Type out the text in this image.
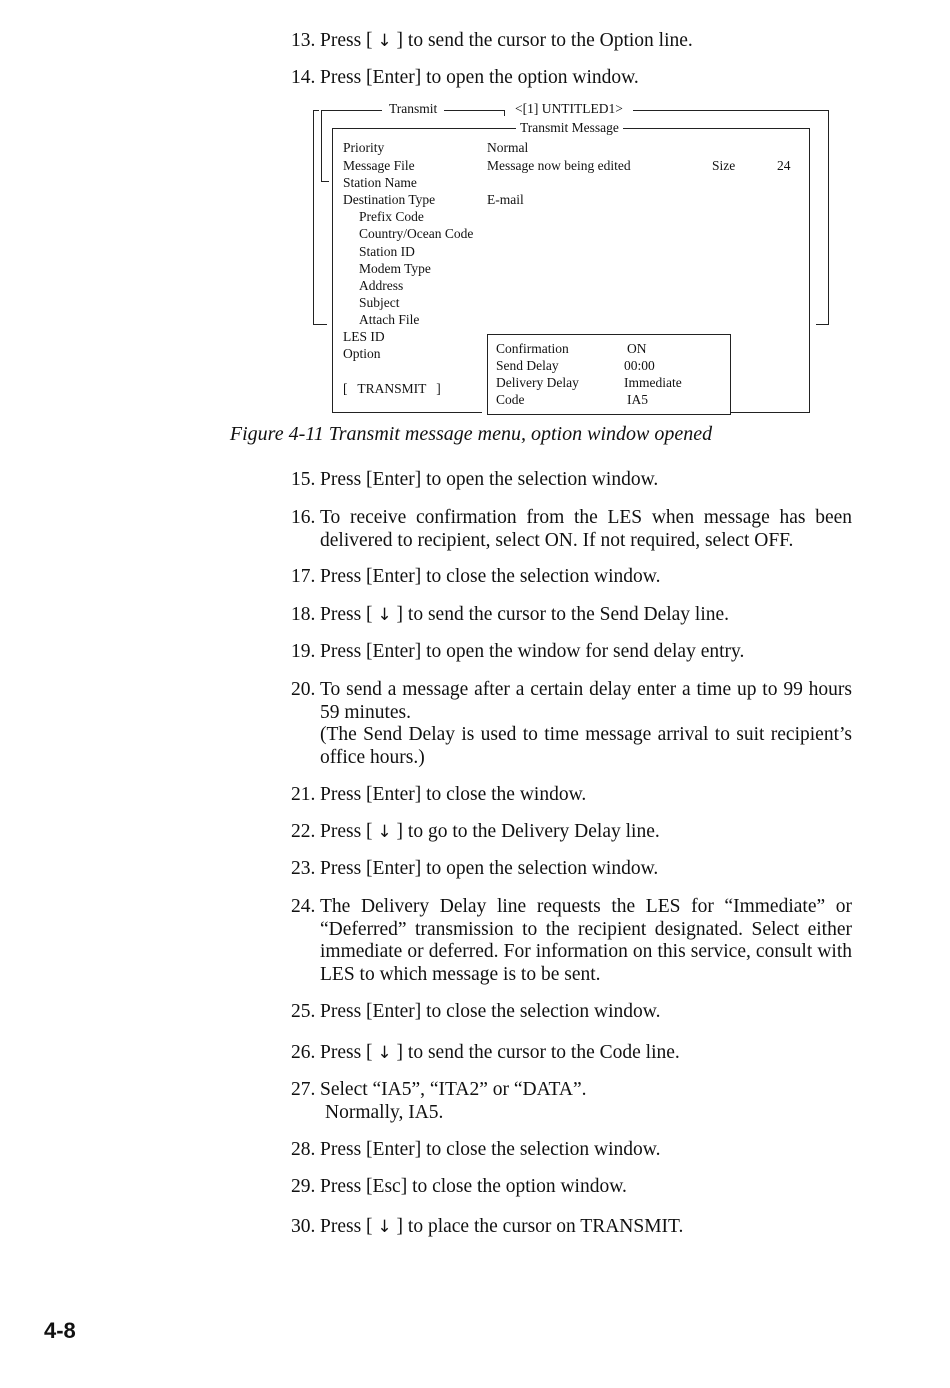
13. Press [ ↓ ] to send the cursor to the Option line.
14. Press [Enter] to open the option window.
Transmit	<[1] UNTITLED1>
Transmit Message
Priority	Normal
Message File	Message now being edited	Size	24
Station Name
Destination Type	E-mail
Prefix Code
Country/Ocean Code
Station ID
Modem Type
Address
Subject
Attach File
LES ID
Option
[   TRANSMIT   ]
Confirmation	ON
Send Delay	00:00
Delivery Delay	Immediate
Code	IA5
Figure 4-11 Transmit message menu, option window opened
15. Press [Enter] to open the selection window.
16. To receive confirmation from the LES when message has been delivered to recipient, select ON. If not required, select OFF.
17. Press [Enter] to close the selection window.
18. Press [ ↓ ] to send the cursor to the Send Delay line.
19. Press [Enter] to open the window for send delay entry.
20. To send a message after a certain delay enter a time up to 99 hours 59 minutes.

(The Send Delay is used to time message arrival to suit recipient’s office hours.)

21. Press [Enter] to close the window.
22. Press [ ↓ ] to go to the Delivery Delay line.
23. Press [Enter] to open the selection window.
24. The Delivery Delay line requests the LES for “Immediate” or “Deferred” transmission to the recipient designated. Select either immediate or deferred. For information on this service, consult with LES to which message is to be sent.
25. Press [Enter] to close the selection window.
26. Press [ ↓ ] to send the cursor to the Code line.
27. Select “IA5”, “ITA2” or “DATA”.

Normally, IA5.

28. Press [Enter] to close the selection window.
29. Press [Esc] to close the option window.
30. Press [ ↓ ] to place the cursor on TRANSMIT.
4-8
